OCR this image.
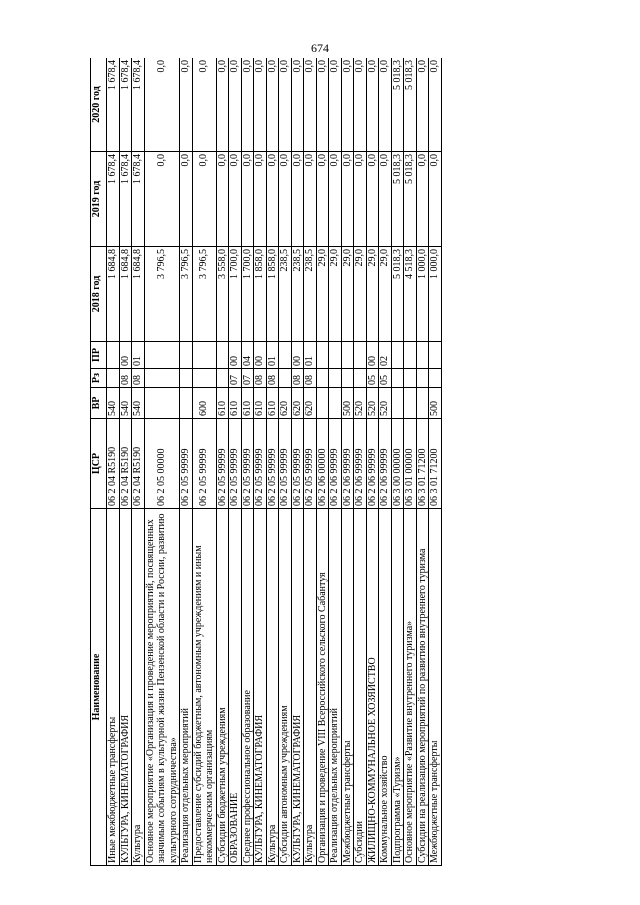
674
Наименование	ЦСР	ВР	Рз	ПР	2018 год	2019 год	2020 год
Иные межбюджетные трансферты	06 2 04 R5190	540			1 684,8	1 678,4	1 678,4
КУЛЬТУРА, КИНЕМАТОГРАФИЯ	06 2 04 R5190	540	08	00	1 684,8	1 678,4	1 678,4
Культура	06 2 04 R5190	540	08	01	1 684,8	1 678,4	1 678,4
Основное мероприятие «Организация и проведение мероприятий, посвященных значимым событиям в культурной жизни Пензенской области и России, развитию культурного сотрудничества»	06 2 05 00000				3 796,5	0,0	0,0
Реализация отдельных мероприятий	06 2 05 99999				3 796,5	0,0	0,0
Предоставление субсидий бюджетным, автономным учреждениям и иным некоммерческим организациям	06 2 05 99999	600			3 796,5	0,0	0,0
Субсидии бюджетным учреждениям	06 2 05 99999	610			3 558,0	0,0	0,0
ОБРАЗОВАНИЕ	06 2 05 99999	610	07	00	1 700,0	0,0	0,0
Среднее профессиональное образование	06 2 05 99999	610	07	04	1 700,0	0,0	0,0
КУЛЬТУРА, КИНЕМАТОГРАФИЯ	06 2 05 99999	610	08	00	1 858,0	0,0	0,0
Культура	06 2 05 99999	610	08	01	1 858,0	0,0	0,0
Субсидии автономным учреждениям	06 2 05 99999	620			238,5	0,0	0,0
КУЛЬТУРА, КИНЕМАТОГРАФИЯ	06 2 05 99999	620	08	00	238,5	0,0	0,0
Культура	06 2 05 99999	620	08	01	238,5	0,0	0,0
Организация и проведение VIII Всероссийского сельского Сабантуя	06 2 06 00000				29,0	0,0	0,0
Реализация отдельных мероприятий	06 2 06 99999				29,0	0,0	0,0
Межбюджетные трансферты	06 2 06 99999	500			29,0	0,0	0,0
Субсидии	06 2 06 99999	520			29,0	0,0	0,0
ЖИЛИЩНО-КОММУНАЛЬНОЕ ХОЗЯЙСТВО	06 2 06 99999	520	05	00	29,0	0,0	0,0
Коммунальное хозяйство	06 2 06 99999	520	05	02	29,0	0,0	0,0
Подпрограмма «Туризм»	06 3 00 00000				5 018,3	5 018,3	5 018,3
Основное мероприятие «Развитие внутреннего туризма»	06 3 01 00000				4 518,3	5 018,3	5 018,3
Субсидии на реализацию мероприятий по развитию внутреннего туризма	06 3 01 71200				1 000,0	0,0	0,0
Межбюджетные трансферты	06 3 01 71200	500			1 000,0	0,0	0,0
